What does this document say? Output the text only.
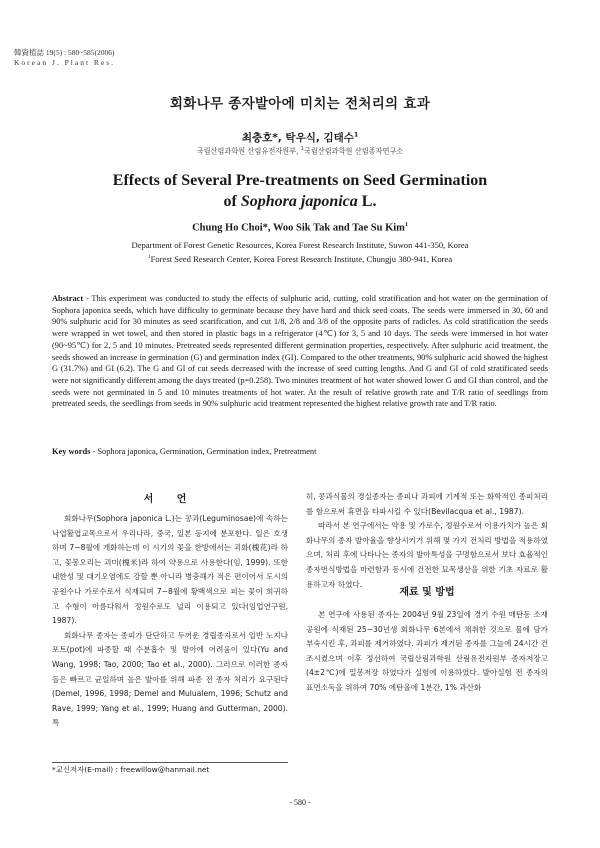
韓資植誌 19(5) : 580~585(2006)
Korean J. Plant Res.
회화나무 종자발아에 미치는 전처리의 효과
최충호*, 탁우식, 김태수$^1$
국립산림과학원 산림유전자원부, $^1$국립산림과학원 산림종자연구소
Effects of Several Pre-treatments on Seed Germination
of Sophora japonica L.
Chung Ho Choi*, Woo Sik Tak and Tae Su Kim$^1$
Department of Forest Genetic Resources, Korea Forest Research Institute, Suwon 441-350, Korea
$^1$Forest Seed Research Center, Korea Forest Research Institute, Chungju 380-941, Korea
Abstract - This experiment was conducted to study the effects of sulphuric acid, cutting, cold stratification and hot water on the germination of Sophora japonica seeds, which have difficulty to germinate because they have hard and thick seed coats. The seeds were immersed in 30, 60 and 90% sulphuric acid for 30 minutes as seed scarification, and cut 1/8, 2/8 and 3/8 of the opposite parts of radicles. As cold stratification the seeds were wrapped in wet towel, and then stored in plastic bags in a refrigerator (4℃) for 3, 5 and 10 days. The seeds were immersed in hot water (90~95℃) for 2, 5 and 10 minutes. Pretreated seeds represented different germination properties, respectively. After sulphuric acid treatment, the seeds showed an increase in germination (G) and germination index (GI). Compared to the other treatments, 90% sulphuric acid showed the highest G (31.7%) and GI (6.2). The G and GI of cut seeds decreased with the increase of seed cutting lengths. And G and GI of cold stratificated seeds were not significantly different among the days treated (p=0.258). Two minutes treatment of hot water showed lower G and GI than control, and the seeds were not germinated in 5 and 10 minutes treatments of hot water. At the result of relative growth rate and T/R ratio of seedlings from pretreated seeds, the seedlings from seeds in 90% sulphuric acid treatment represented the highest relative growth rate and T/R ratio.
Key words - Sophora japonica, Germination, Germination index, Pretreatment
서 언

회화나무(Sophora japonica L.)는 콩과(Leguminosae)에 속하는 낙엽활엽교목으로서 우리나라, 중국, 일본 등지에 분포한다. 일은 호생하며 7~8월에 개화하는데 이 시기의 꽃을 한방에서는 괴화(槐花)라 하고, 꽃봉오리는 괴미(槐米)라 하여 약용으로 사용한다(임, 1999). 또한 내한성 및 대기오염에도 강할 뿐 아니라 병충해가 적은 편이어서 도시의 공원수나 가로수로서 식재되며 7~8월에 황백색으로 피는 꽃이 희귀하고 수형이 아름다워서 정원수로도 널리 이용되고 있다(임업연구원, 1987).

회화나무 종자는 종피가 단단하고 두꺼운 경립종자로서 일반 노지나 포트(pot)에 파종할 때 수분흡수 및 발아에 어려움이 있다(Yu and Wang, 1998; Tao, 2000; Tao et al., 2000). 그러므로 이러한 종자들은 빠르고 균일하며 높은 발아를 위해 파종 전 종자 처리가 요구된다(Demel, 1996, 1998; Demel and Mulualem, 1996; Schutz and Rave, 1999; Yang et al., 1999; Huang and Gutterman, 2000). 특

히, 콩과식물의 경실종자는 종피나 과피에 기계적 또는 화학적인 종피처리를 함으로써 휴면을 타파시킬 수 있다(Bevilacqua et al., 1987).

따라서 본 연구에서는 약용 및 가로수, 정원수로서 이용가치가 높은 회화나무의 종자 발아율을 향상시키기 위해 몇 가지 전처리 방법을 적용하였으며, 처리 후에 나타나는 종자의 발아특성을 구명함으로서 보다 효율적인 종자번식방법을 마련함과 동시에 건전한 묘목생산을 위한 기초 자료로 활용하고자 하였다.

재료 및 방법

본 연구에 사용된 종자는 2004년 9월 23일에 경기 수원 매탄동 소재 공원에 식재된 25~30년생 회화나무 6본에서 채취한 것으로 물에 담가 부숙시킨 후, 과피를 제거하였다. 과피가 제거된 종자를 그늘에 24시간 건조시켰으며 이후 정선하여 국립산림과학원 산림유전자원부 종자저장고(4±2℃)에 밀봉저장 하였다가 실험에 이용하였다. 발아실험 전 종자의 표면소독을 위하여 70% 에탄올에 1분간, 1% 과산화

*교신저자(E-mail) : freewillow@hanmail.net
- 580 -
